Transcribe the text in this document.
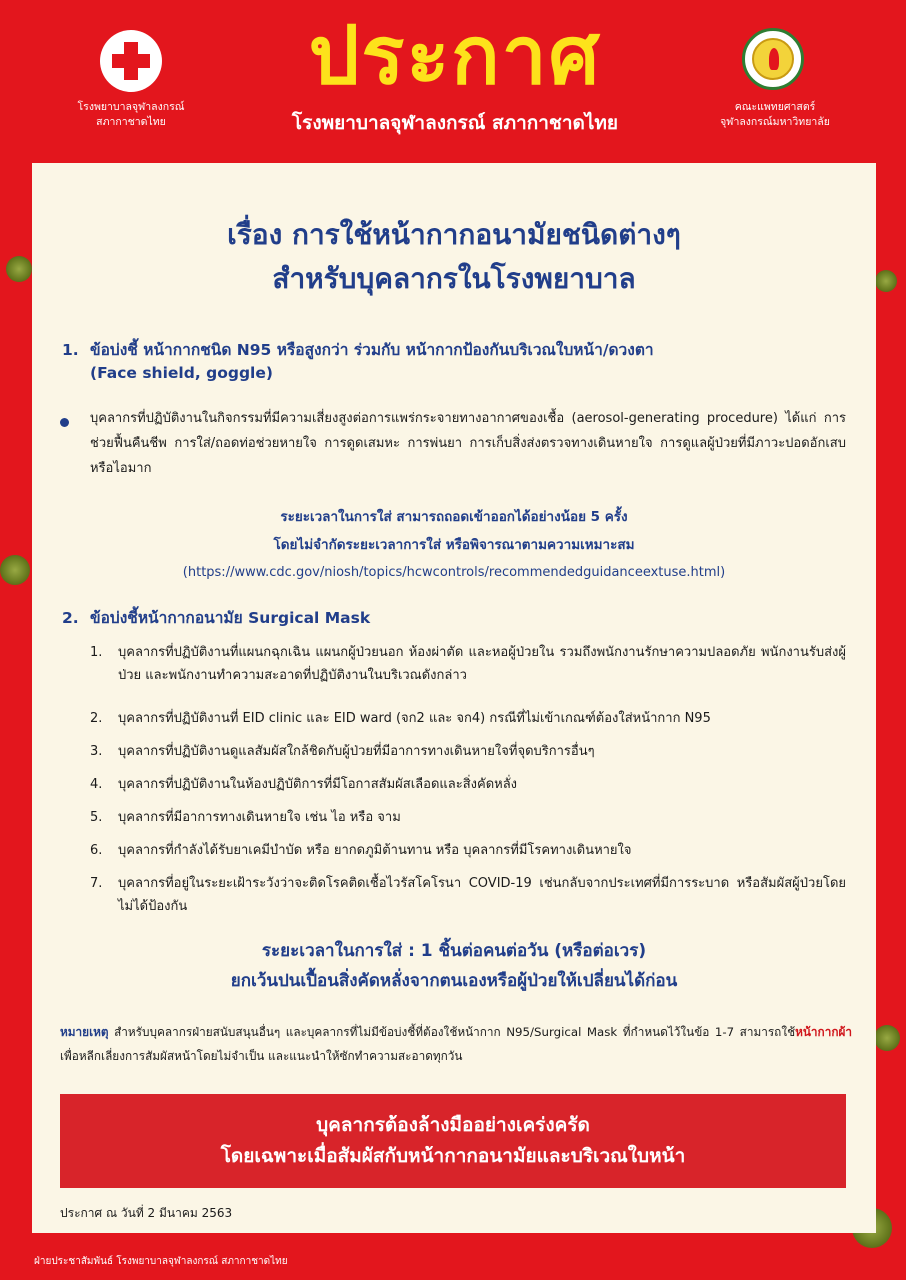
โรงพยาบาลจุฬาลงกรณ์
สภากาชาดไทย
ประกาศ
โรงพยาบาลจุฬาลงกรณ์ สภากาชาดไทย
คณะแพทยศาสตร์
จุฬาลงกรณ์มหาวิทยาลัย
เรื่อง การใช้หน้ากากอนามัยชนิดต่างๆ
สำหรับบุคลากรในโรงพยาบาล
1. ข้อบ่งชี้ หน้ากากชนิด N95 หรือสูงกว่า ร่วมกับ หน้ากากป้องกันบริเวณใบหน้า/ดวงตา
(Face shield, goggle)
บุคลากรที่ปฏิบัติงานในกิจกรรมที่มีความเสี่ยงสูงต่อการแพร่กระจายทางอากาศของเชื้อ (aerosol-generating procedure) ได้แก่ การช่วยฟื้นคืนชีพ การใส่/ถอดท่อช่วยหายใจ การดูดเสมหะ การพ่นยา การเก็บสิ่งส่งตรวจทางเดินหายใจ การดูแลผู้ป่วยที่มีภาวะปอดอักเสบ หรือไอมาก
ระยะเวลาในการใส่ สามารถถอดเข้าออกได้อย่างน้อย 5 ครั้ง
โดยไม่จำกัดระยะเวลาการใส่ หรือพิจารณาตามความเหมาะสม
(https://www.cdc.gov/niosh/topics/hcwcontrols/recommendedguidanceextuse.html)
2. ข้อบ่งชี้หน้ากากอนามัย Surgical Mask
1. บุคลากรที่ปฏิบัติงานที่แผนกฉุกเฉิน แผนกผู้ป่วยนอก ห้องผ่าตัด และหอผู้ป่วยใน รวมถึงพนักงานรักษาความปลอดภัย พนักงานรับส่งผู้ป่วย และพนักงานทำความสะอาดที่ปฏิบัติงานในบริเวณดังกล่าว
2. บุคลากรที่ปฏิบัติงานที่ EID clinic และ EID ward (จก2 และ จก4) กรณีที่ไม่เข้าเกณฑ์ต้องใส่หน้ากาก N95
3. บุคลากรที่ปฏิบัติงานดูแลสัมผัสใกล้ชิดกับผู้ป่วยที่มีอาการทางเดินหายใจที่จุดบริการอื่นๆ
4. บุคลากรที่ปฏิบัติงานในห้องปฏิบัติการที่มีโอกาสสัมผัสเลือดและสิ่งคัดหลั่ง
5. บุคลากรที่มีอาการทางเดินหายใจ เช่น ไอ หรือ จาม
6. บุคลากรที่กำลังได้รับยาเคมีบำบัด หรือ ยากดภูมิต้านทาน หรือ บุคลากรที่มีโรคทางเดินหายใจ
7. บุคลากรที่อยู่ในระยะเฝ้าระวังว่าจะติดโรคติดเชื้อไวรัสโคโรนา COVID-19 เช่นกลับจากประเทศที่มีการระบาด หรือสัมผัสผู้ป่วยโดยไม่ได้ป้องกัน
ระยะเวลาในการใส่ : 1 ชิ้นต่อคนต่อวัน (หรือต่อเวร)
ยกเว้นปนเปื้อนสิ่งคัดหลั่งจากตนเองหรือผู้ป่วยให้เปลี่ยนได้ก่อน
หมายเหตุ สำหรับบุคลากรฝ่ายสนับสนุนอื่นๆ และบุคลากรที่ไม่มีข้อบ่งชี้ที่ต้องใช้หน้ากาก N95/Surgical Mask ที่กำหนดไว้ในข้อ 1-7 สามารถใช้หน้ากากผ้า เพื่อหลีกเลี่ยงการสัมผัสหน้าโดยไม่จำเป็น และแนะนำให้ซักทำความสะอาดทุกวัน
บุคลากรต้องล้างมืออย่างเคร่งครัด
โดยเฉพาะเมื่อสัมผัสกับหน้ากากอนามัยและบริเวณใบหน้า
ประกาศ ณ วันที่ 2 มีนาคม 2563
ฝ่ายประชาสัมพันธ์ โรงพยาบาลจุฬาลงกรณ์ สภากาชาดไทย
